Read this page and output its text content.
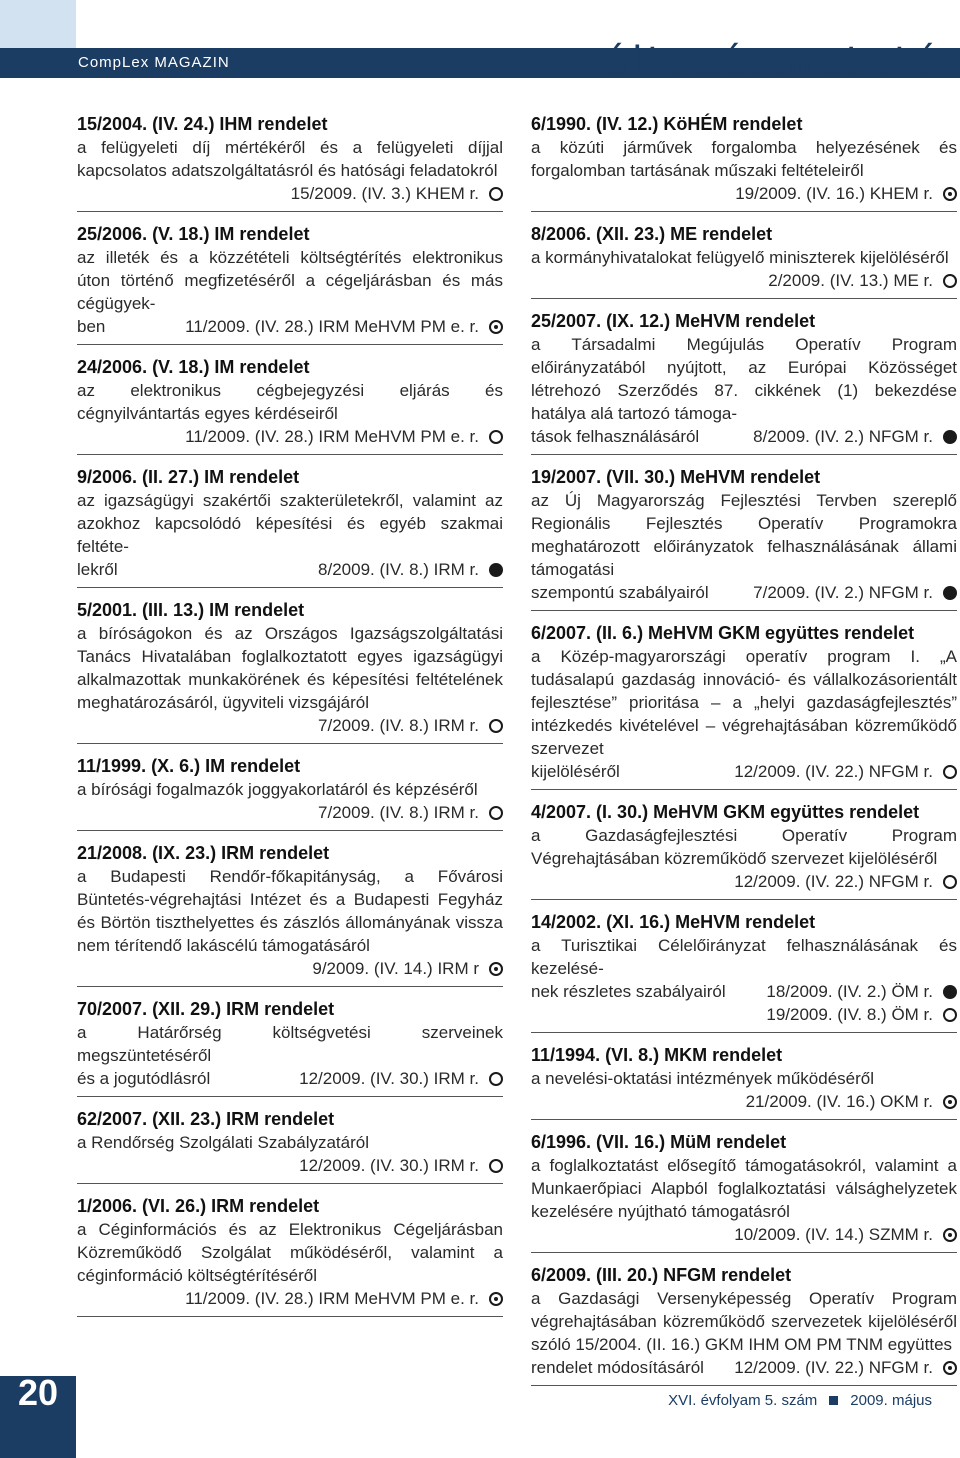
CompLex MAGAZIN	változásmutató
15/2004. (IV. 24.) IHM rendelet
a felügyeleti díj mértékéről és a felügyeleti díjjal kapcsolatos adatszolgáltatásról és hatósági feladatokról
15/2009. (IV. 3.) KHEM r.
25/2006. (V. 18.) IM rendelet
az illeték és a közzétételi költségtérítés elektronikus úton történő megfizetéséről a cégeljárásban és más cégügyek-
ben	11/2009. (IV. 28.) IRM MeHVM PM e. r.
24/2006. (V. 18.) IM rendelet
az elektronikus cégbejegyzési eljárás és cégnyilvántartás egyes kérdéseiről
11/2009. (IV. 28.) IRM MeHVM PM e. r.
9/2006. (II. 27.) IM rendelet
az igazságügyi szakértői szakterületekről, valamint az azokhoz kapcsolódó képesítési és egyéb szakmai feltéte-
lekről	8/2009. (IV. 8.) IRM r.
5/2001. (III. 13.) IM rendelet
a bíróságokon és az Országos Igazságszolgáltatási Tanács Hivatalában foglalkoztatott egyes igazságügyi alkalmazottak munkakörének és képesítési feltételének meghatározásáról, ügyviteli vizsgájáról
7/2009. (IV. 8.) IRM r.
11/1999. (X. 6.) IM rendelet
a bírósági fogalmazók joggyakorlatáról és képzéséről
7/2009. (IV. 8.) IRM r.
21/2008. (IX. 23.) IRM rendelet
a Budapesti Rendőr-főkapitányság, a Fővárosi Büntetés-végrehajtási Intézet és a Budapesti Fegyház és Börtön tiszthelyettes és zászlós állományának vissza nem térítendő lakáscélú támogatásáról
9/2009. (IV. 14.) IRM r
70/2007. (XII. 29.) IRM rendelet
a Határőrség költségvetési szerveinek megszüntetéséről
és a jogutódlásról	12/2009. (IV. 30.) IRM r.
62/2007. (XII. 23.) IRM rendelet
a Rendőrség Szolgálati Szabályzatáról
12/2009. (IV. 30.) IRM r.
1/2006. (VI. 26.) IRM rendelet
a Céginformációs és az Elektronikus Cégeljárásban Közreműködő Szolgálat működéséről, valamint a céginformáció költségtérítéséről
11/2009. (IV. 28.) IRM MeHVM PM e. r.
6/1990. (IV. 12.) KöHÉM rendelet
a közúti járművek forgalomba helyezésének és forgalomban tartásának műszaki feltételeiről
19/2009. (IV. 16.) KHEM r.
8/2006. (XII. 23.) ME rendelet
a kormányhivatalokat felügyelő miniszterek kijelöléséről
2/2009. (IV. 13.) ME r.
25/2007. (IX. 12.) MeHVM rendelet
a Társadalmi Megújulás Operatív Program előirányzatából nyújtott, az Európai Közösséget létrehozó Szerződés 87. cikkének (1) bekezdése hatálya alá tartozó támoga-
tások felhasználásáról	8/2009. (IV. 2.) NFGM r.
19/2007. (VII. 30.) MeHVM rendelet
az Új Magyarország Fejlesztési Tervben szereplő Regionális Fejlesztés Operatív Programokra meghatározott előirányzatok felhasználásának állami támogatási
szempontú szabályairól	7/2009. (IV. 2.) NFGM r.
6/2007. (II. 6.) MeHVM GKM együttes rendelet
a Közép-magyarországi operatív program I. „A tudásalapú gazdaság innováció- és vállalkozásorientált fejlesztése” prioritása – a „helyi gazdaságfejlesztés” intézkedés kivételével – végrehajtásában közreműködő szervezet
kijelöléséről	12/2009. (IV. 22.) NFGM r.
4/2007. (I. 30.) MeHVM GKM együttes rendelet
a Gazdaságfejlesztési Operatív Program Végrehajtásában közreműködő szervezet kijelöléséről
12/2009. (IV. 22.) NFGM r.
14/2002. (XI. 16.) MeHVM rendelet
a Turisztikai Célelőirányzat felhasználásának és kezelésé-
nek részletes szabályairól 18/2009. (IV. 2.) ÖM r.
19/2009. (IV. 8.) ÖM r.
11/1994. (VI. 8.) MKM rendelet
a nevelési-oktatási intézmények működéséről
21/2009. (IV. 16.) OKM r.
6/1996. (VII. 16.) MüM rendelet
a foglalkoztatást elősegítő támogatásokról, valamint a Munkaerőpiaci Alapból foglalkoztatási válsághelyzetek kezelésére nyújtható támogatásról
10/2009. (IV. 14.) SZMM r.
6/2009. (III. 20.) NFGM rendelet
a Gazdasági Versenyképesség Operatív Program végrehajtásában közreműködő szervezetek kijelöléséről szóló 15/2004. (II. 16.) GKM IHM OM PM TNM együttes
rendelet módosításáról 12/2009. (IV. 22.) NFGM r.
20	XVI. évfolyam 5. szám 2009. május
